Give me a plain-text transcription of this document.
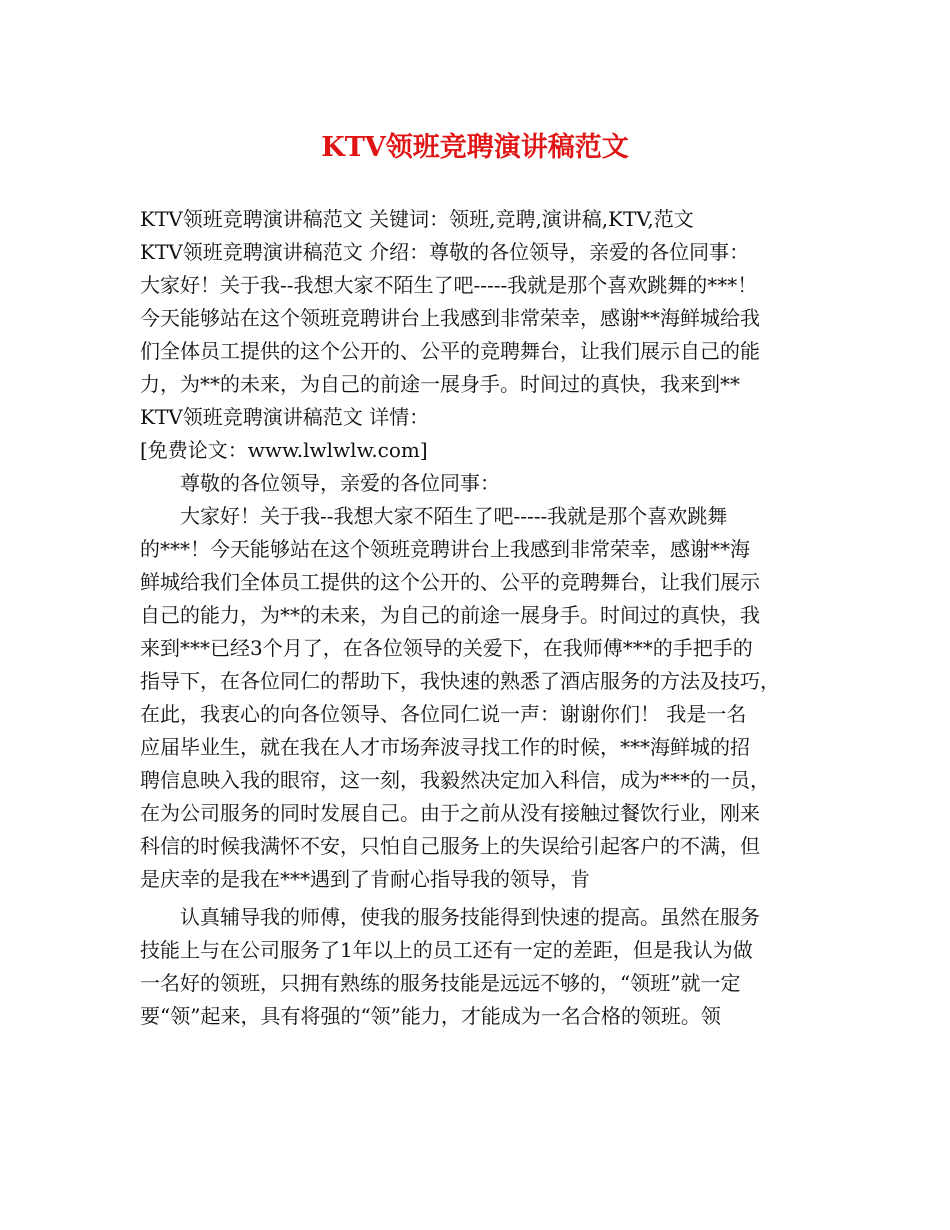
KTV领班竞聘演讲稿范文
KTV领班竞聘演讲稿范文 关键词：领班,竞聘,演讲稿,KTV,范文
KTV领班竞聘演讲稿范文 介绍：尊敬的各位领导，亲爱的各位同事：
大家好！关于我--我想大家不陌生了吧-----我就是那个喜欢跳舞的***！
今天能够站在这个领班竞聘讲台上我感到非常荣幸，感谢**海鲜城给我
们全体员工提供的这个公开的、公平的竞聘舞台，让我们展示自己的能
力，为**的未来，为自己的前途一展身手。时间过的真快，我来到**
KTV领班竞聘演讲稿范文 详情：
[免费论文：www.lwlwlw.com]
尊敬的各位领导，亲爱的各位同事：
大家好！关于我--我想大家不陌生了吧-----我就是那个喜欢跳舞
的***！今天能够站在这个领班竞聘讲台上我感到非常荣幸，感谢**海
鲜城给我们全体员工提供的这个公开的、公平的竞聘舞台，让我们展示
自己的能力，为**的未来，为自己的前途一展身手。时间过的真快，我
来到***已经3个月了，在各位领导的关爱下，在我师傅***的手把手的
指导下，在各位同仁的帮助下，我快速的熟悉了酒店服务的方法及技巧，
在此，我衷心的向各位领导、各位同仁说一声：谢谢你们！ 我是一名
应届毕业生，就在我在人才市场奔波寻找工作的时候，***海鲜城的招
聘信息映入我的眼帘，这一刻，我毅然决定加入科信，成为***的一员，
在为公司服务的同时发展自己。由于之前从没有接触过餐饮行业，刚来
科信的时候我满怀不安，只怕自己服务上的失误给引起客户的不满，但
是庆幸的是我在***遇到了肯耐心指导我的领导，肯
认真辅导我的师傅，使我的服务技能得到快速的提高。虽然在服务
技能上与在公司服务了1年以上的员工还有一定的差距，但是我认为做
一名好的领班，只拥有熟练的服务技能是远远不够的，“领班”就一定
要“领”起来，具有将强的“领”能力，才能成为一名合格的领班。领
